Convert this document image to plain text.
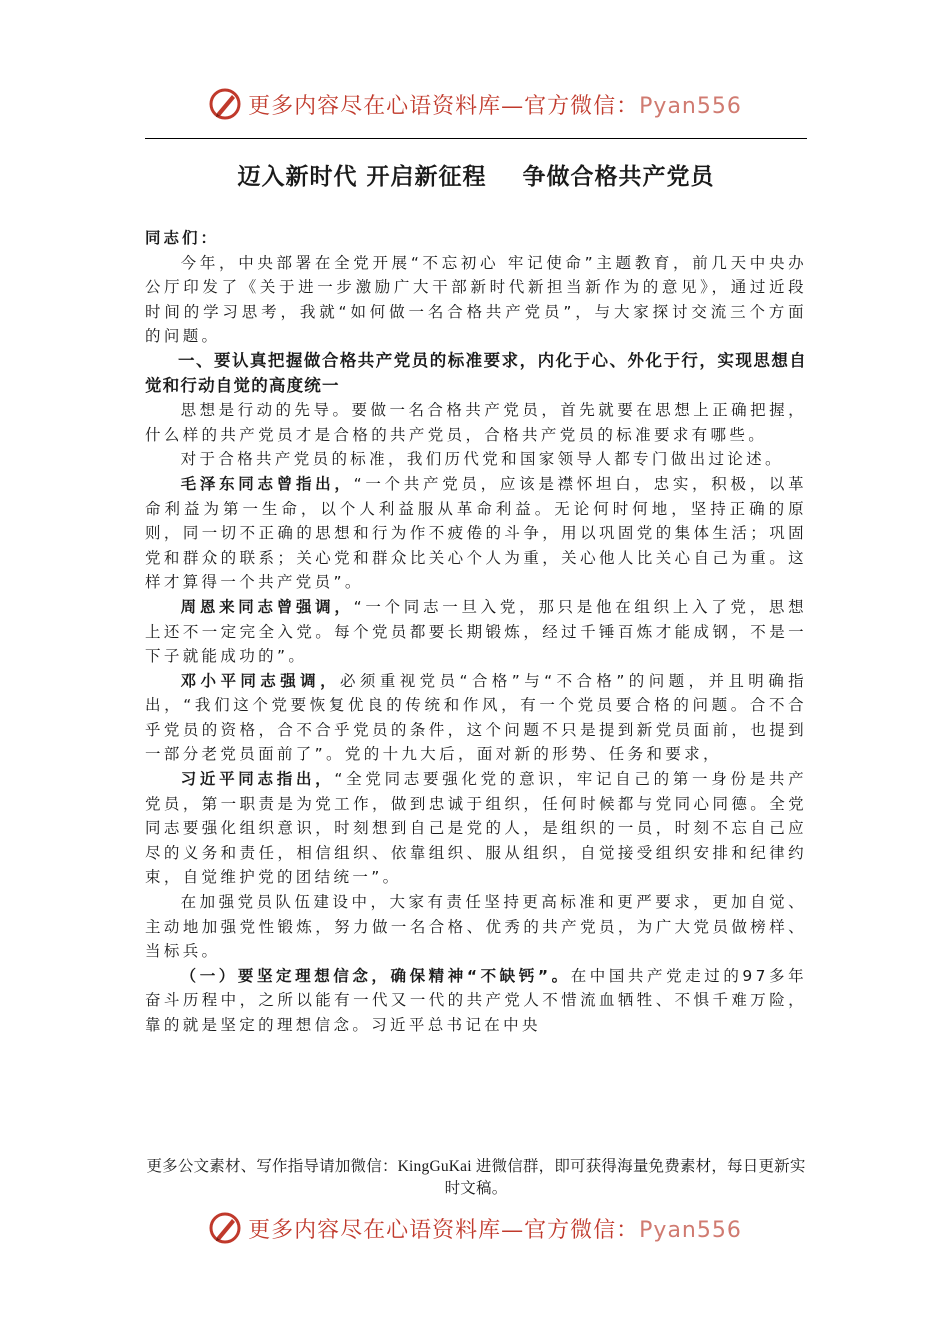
更多内容尽在心语资料库—官方微信：Pyan556
迈入新时代 开启新征程    争做合格共产党员

同志们：

今年，中央部署在全党开展“不忘初心 牢记使命”主题教育，前几天中央办公厅印发了《关于进一步激励广大干部新时代新担当新作为的意见》，通过近段时间的学习思考，我就“如何做一名合格共产党员”，与大家探讨交流三个方面的问题。

一、要认真把握做合格共产党员的标准要求，内化于心、外化于行，实现思想自觉和行动自觉的高度统一

思想是行动的先导。要做一名合格共产党员，首先就要在思想上正确把握，什么样的共产党员才是合格的共产党员，合格共产党员的标准要求有哪些。

对于合格共产党员的标准，我们历代党和国家领导人都专门做出过论述。

毛泽东同志曾指出，“一个共产党员，应该是襟怀坦白，忠实，积极，以革命利益为第一生命，以个人利益服从革命利益。无论何时何地，坚持正确的原则，同一切不正确的思想和行为作不疲倦的斗争，用以巩固党的集体生活；巩固党和群众的联系；关心党和群众比关心个人为重，关心他人比关心自己为重。这样才算得一个共产党员”。

周恩来同志曾强调，“一个同志一旦入党，那只是他在组织上入了党，思想上还不一定完全入党。每个党员都要长期锻炼，经过千锤百炼才能成钢，不是一下子就能成功的”。

邓小平同志强调，必须重视党员“合格”与“不合格”的问题，并且明确指出，“我们这个党要恢复优良的传统和作风，有一个党员要合格的问题。合不合乎党员的资格，合不合乎党员的条件，这个问题不只是提到新党员面前，也提到一部分老党员面前了”。党的十九大后，面对新的形势、任务和要求，

习近平同志指出，“全党同志要强化党的意识，牢记自己的第一身份是共产党员，第一职责是为党工作，做到忠诚于组织，任何时候都与党同心同德。全党同志要强化组织意识，时刻想到自己是党的人，是组织的一员，时刻不忘自己应尽的义务和责任，相信组织、依靠组织、服从组织，自觉接受组织安排和纪律约束，自觉维护党的团结统一”。

在加强党员队伍建设中，大家有责任坚持更高标准和更严要求，更加自觉、主动地加强党性锻炼，努力做一名合格、优秀的共产党员，为广大党员做榜样、当标兵。

（一）要坚定理想信念，确保精神“不缺钙”。在中国共产党走过的97多年奋斗历程中，之所以能有一代又一代的共产党人不惜流血牺牲、不惧千难万险，靠的就是坚定的理想信念。习近平总书记在中央

更多公文素材、写作指导请加微信：KingGuKai 进微信群，即可获得海量免费素材，每日更新实时文稿。
更多内容尽在心语资料库—官方微信：Pyan556
